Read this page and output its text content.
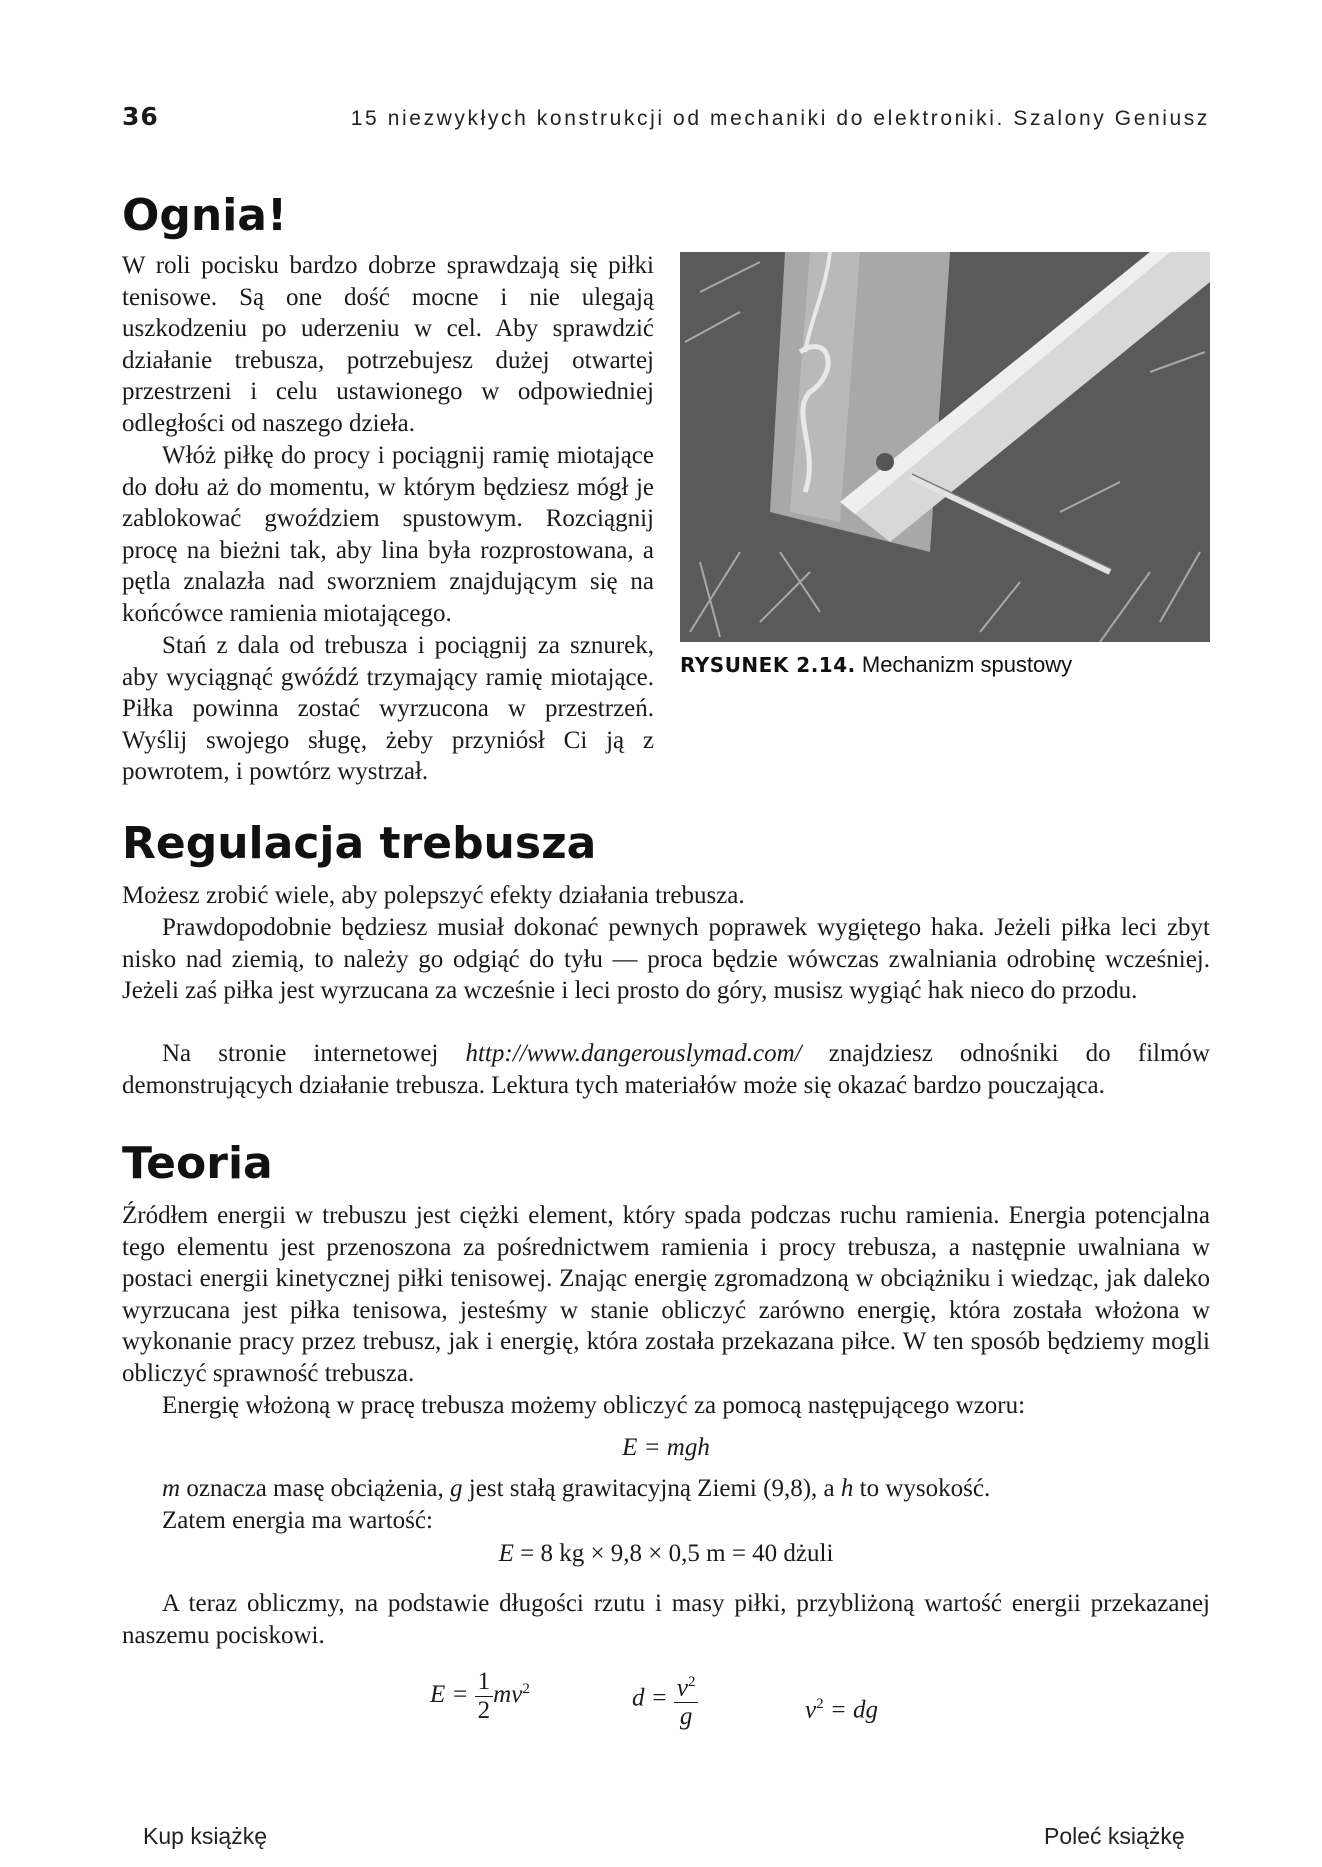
36	15 niezwykłych konstrukcji od mechaniki do elektroniki. Szalony Geniusz
Ognia!

W roli pocisku bardzo dobrze sprawdzają się piłki tenisowe. Są one dość mocne i nie ulegają uszkodzeniu po uderzeniu w cel. Aby sprawdzić działanie trebusza, potrzebujesz dużej otwartej przestrzeni i celu ustawionego w odpowiedniej odległości od naszego dzieła.

Włóż piłkę do procy i pociągnij ramię miotające do dołu aż do momentu, w którym będziesz mógł je zablokować gwoździem spustowym. Rozciągnij procę na bieżni tak, aby lina była rozprostowana, a pętla znalazła nad sworzniem znajdującym się na końcówce ramienia miotającego.

Stań z dala od trebusza i pociągnij za sznurek, aby wyciągnąć gwóźdź trzymający ramię miotające. Piłka powinna zostać wyrzucona w przestrzeń. Wyślij swojego sługę, żeby przyniósł Ci ją z powrotem, i powtórz wystrzał.

RYSUNEK 2.14. Mechanizm spustowy
Regulacja trebusza

Możesz zrobić wiele, aby polepszyć efekty działania trebusza.

Prawdopodobnie będziesz musiał dokonać pewnych poprawek wygiętego haka. Jeżeli piłka leci zbyt nisko nad ziemią, to należy go odgiąć do tyłu — proca będzie wówczas zwalniania odrobinę wcześniej. Jeżeli zaś piłka jest wyrzucana za wcześnie i leci prosto do góry, musisz wygiąć hak nieco do przodu.

Na stronie internetowej http://www.dangerouslymad.com/ znajdziesz odnośniki do filmów demonstrujących działanie trebusza. Lektura tych materiałów może się okazać bardzo pouczająca.

Teoria

Źródłem energii w trebuszu jest ciężki element, który spada podczas ruchu ramienia. Energia potencjalna tego elementu jest przenoszona za pośrednictwem ramienia i procy trebusza, a następnie uwalniana w postaci energii kinetycznej piłki tenisowej. Znając energię zgromadzoną w obciążniku i wiedząc, jak daleko wyrzucana jest piłka tenisowa, jesteśmy w stanie obliczyć zarówno energię, która została włożona w wykonanie pracy przez trebusz, jak i energię, która została przekazana piłce. W ten sposób będziemy mogli obliczyć sprawność trebusza.

Energię włożoną w pracę trebusza możemy obliczyć za pomocą następującego wzoru:

E = mgh

m oznacza masę obciążenia, g jest stałą grawitacyjną Ziemi (9,8), a h to wysokość.

Zatem energia ma wartość:

E = 8 kg × 9,8 × 0,5 m = 40 dżuli

A teraz obliczmy, na podstawie długości rzutu i masy piłki, przybliżoną wartość energii przekazanej naszemu pociskowi.

$E = \frac{1}{2} mv^2$	$d = \frac{v^2}{g}$	$v^2$ = dg
Kup książkę	Poleć książkę
